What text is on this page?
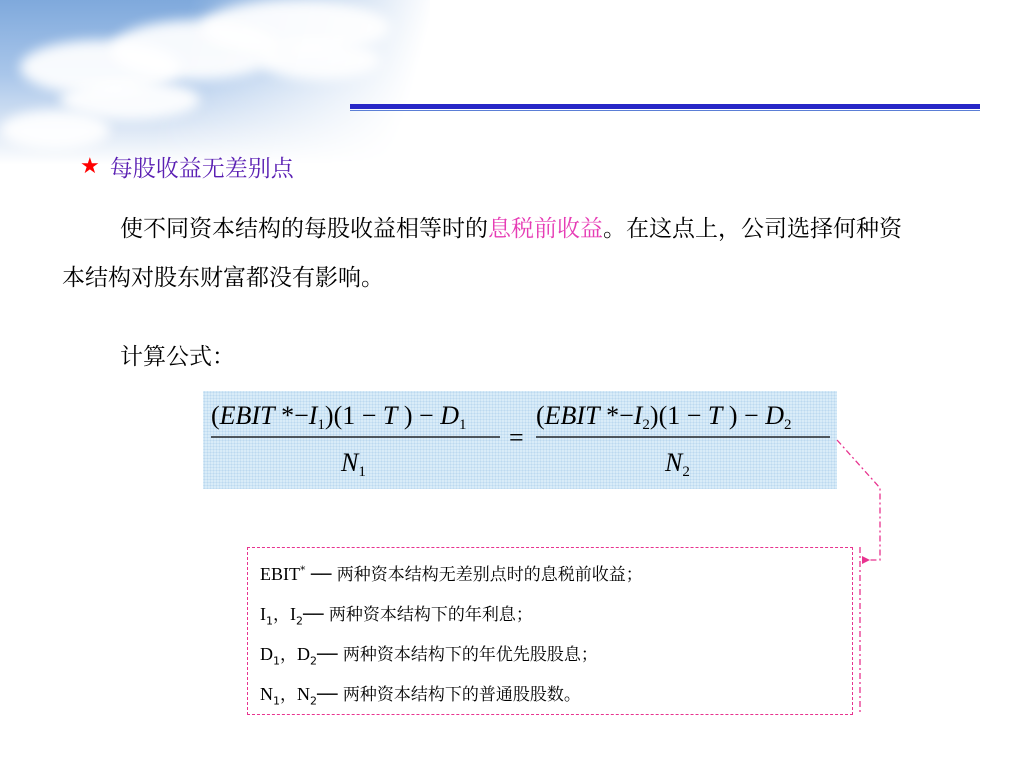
★ 每股收益无差别点
使不同资本结构的每股收益相等时的息税前收益。在这点上，公司选择何种资本结构对股东财富都没有影响。
计算公式：
(EBIT *−I1)(1 − T ) − D1
N1
=
(EBIT *−I2)(1 − T ) − D2
N2
EBIT* ── 两种资本结构无差别点时的息税前收益；
$I_1$，$I_2──$ 两种资本结构下的年利息；
$D_1$，$D_2──$ 两种资本结构下的年优先股股息；
$N_1$，$N_2──$ 两种资本结构下的普通股股数。
